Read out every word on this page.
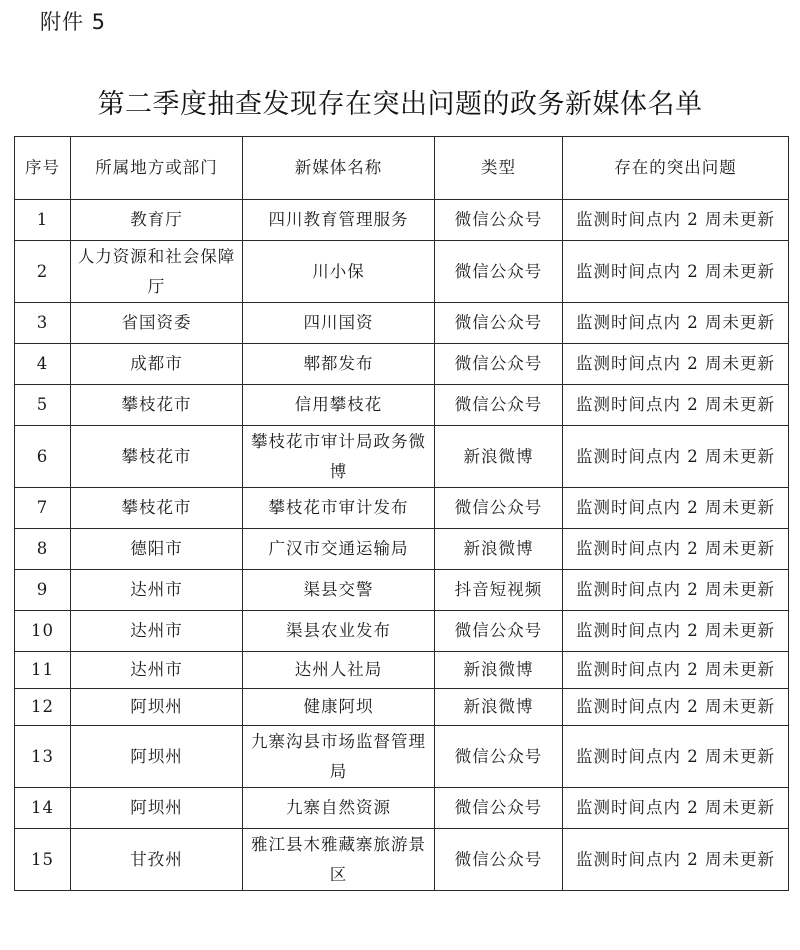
附件 5
第二季度抽查发现存在突出问题的政务新媒体名单
序号	所属地方或部门	新媒体名称	类型	存在的突出问题
1	教育厅	四川教育管理服务	微信公众号	监测时间点内 2 周未更新
2	人力资源和社会保障厅	川小保	微信公众号	监测时间点内 2 周未更新
3	省国资委	四川国资	微信公众号	监测时间点内 2 周未更新
4	成都市	郫都发布	微信公众号	监测时间点内 2 周未更新
5	攀枝花市	信用攀枝花	微信公众号	监测时间点内 2 周未更新
6	攀枝花市	攀枝花市审计局政务微博	新浪微博	监测时间点内 2 周未更新
7	攀枝花市	攀枝花市审计发布	微信公众号	监测时间点内 2 周未更新
8	德阳市	广汉市交通运输局	新浪微博	监测时间点内 2 周未更新
9	达州市	渠县交警	抖音短视频	监测时间点内 2 周未更新
10	达州市	渠县农业发布	微信公众号	监测时间点内 2 周未更新
11	达州市	达州人社局	新浪微博	监测时间点内 2 周未更新
12	阿坝州	健康阿坝	新浪微博	监测时间点内 2 周未更新
13	阿坝州	九寨沟县市场监督管理局	微信公众号	监测时间点内 2 周未更新
14	阿坝州	九寨自然资源	微信公众号	监测时间点内 2 周未更新
15	甘孜州	雅江县木雅藏寨旅游景区	微信公众号	监测时间点内 2 周未更新
